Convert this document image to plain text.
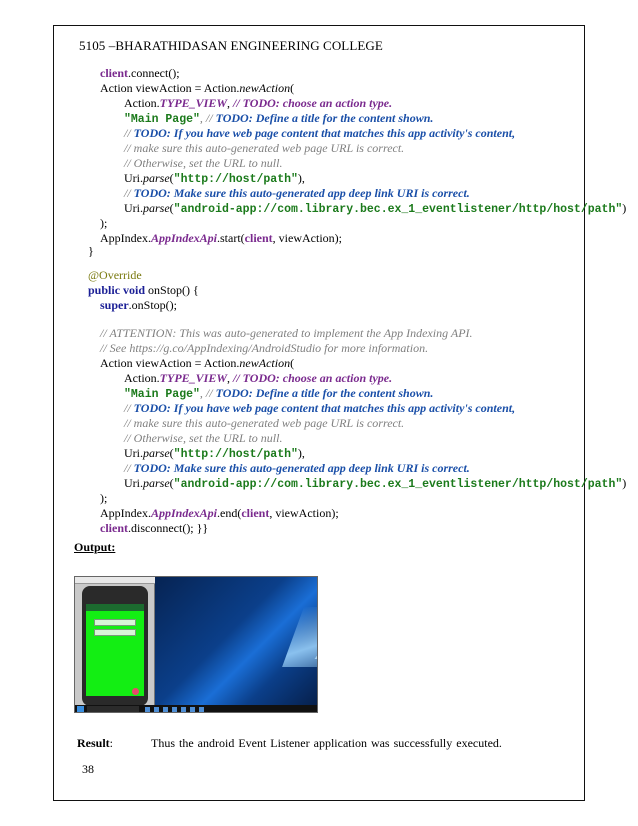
5105 –BHARATHIDASAN ENGINEERING COLLEGE
client.connect();
Action viewAction = Action.newAction(
Action.TYPE_VIEW, // TODO: choose an action type.
"Main Page", // TODO: Define a title for the content shown.
// TODO: If you have web page content that matches this app activity's content,
// make sure this auto-generated web page URL is correct.
// Otherwise, set the URL to null.
Uri.parse("http://host/path"),
// TODO: Make sure this auto-generated app deep link URI is correct.
Uri.parse("android-app://com.library.bec.ex_1_eventlistener/http/host/path")
);
AppIndex.AppIndexApi.start(client, viewAction);
}
@Override
public void onStop() {
super.onStop();
// ATTENTION: This was auto-generated to implement the App Indexing API.
// See https://g.co/AppIndexing/AndroidStudio for more information.
Action viewAction = Action.newAction(
Action.TYPE_VIEW, // TODO: choose an action type.
"Main Page", // TODO: Define a title for the content shown.
// TODO: If you have web page content that matches this app activity's content,
// make sure this auto-generated web page URL is correct.
// Otherwise, set the URL to null.
Uri.parse("http://host/path"),
// TODO: Make sure this auto-generated app deep link URI is correct.
Uri.parse("android-app://com.library.bec.ex_1_eventlistener/http/host/path")
);
AppIndex.AppIndexApi.end(client, viewAction);
client.disconnect(); }}
Output:
Result:	Thus the android Event Listener application was successfully executed.
38
